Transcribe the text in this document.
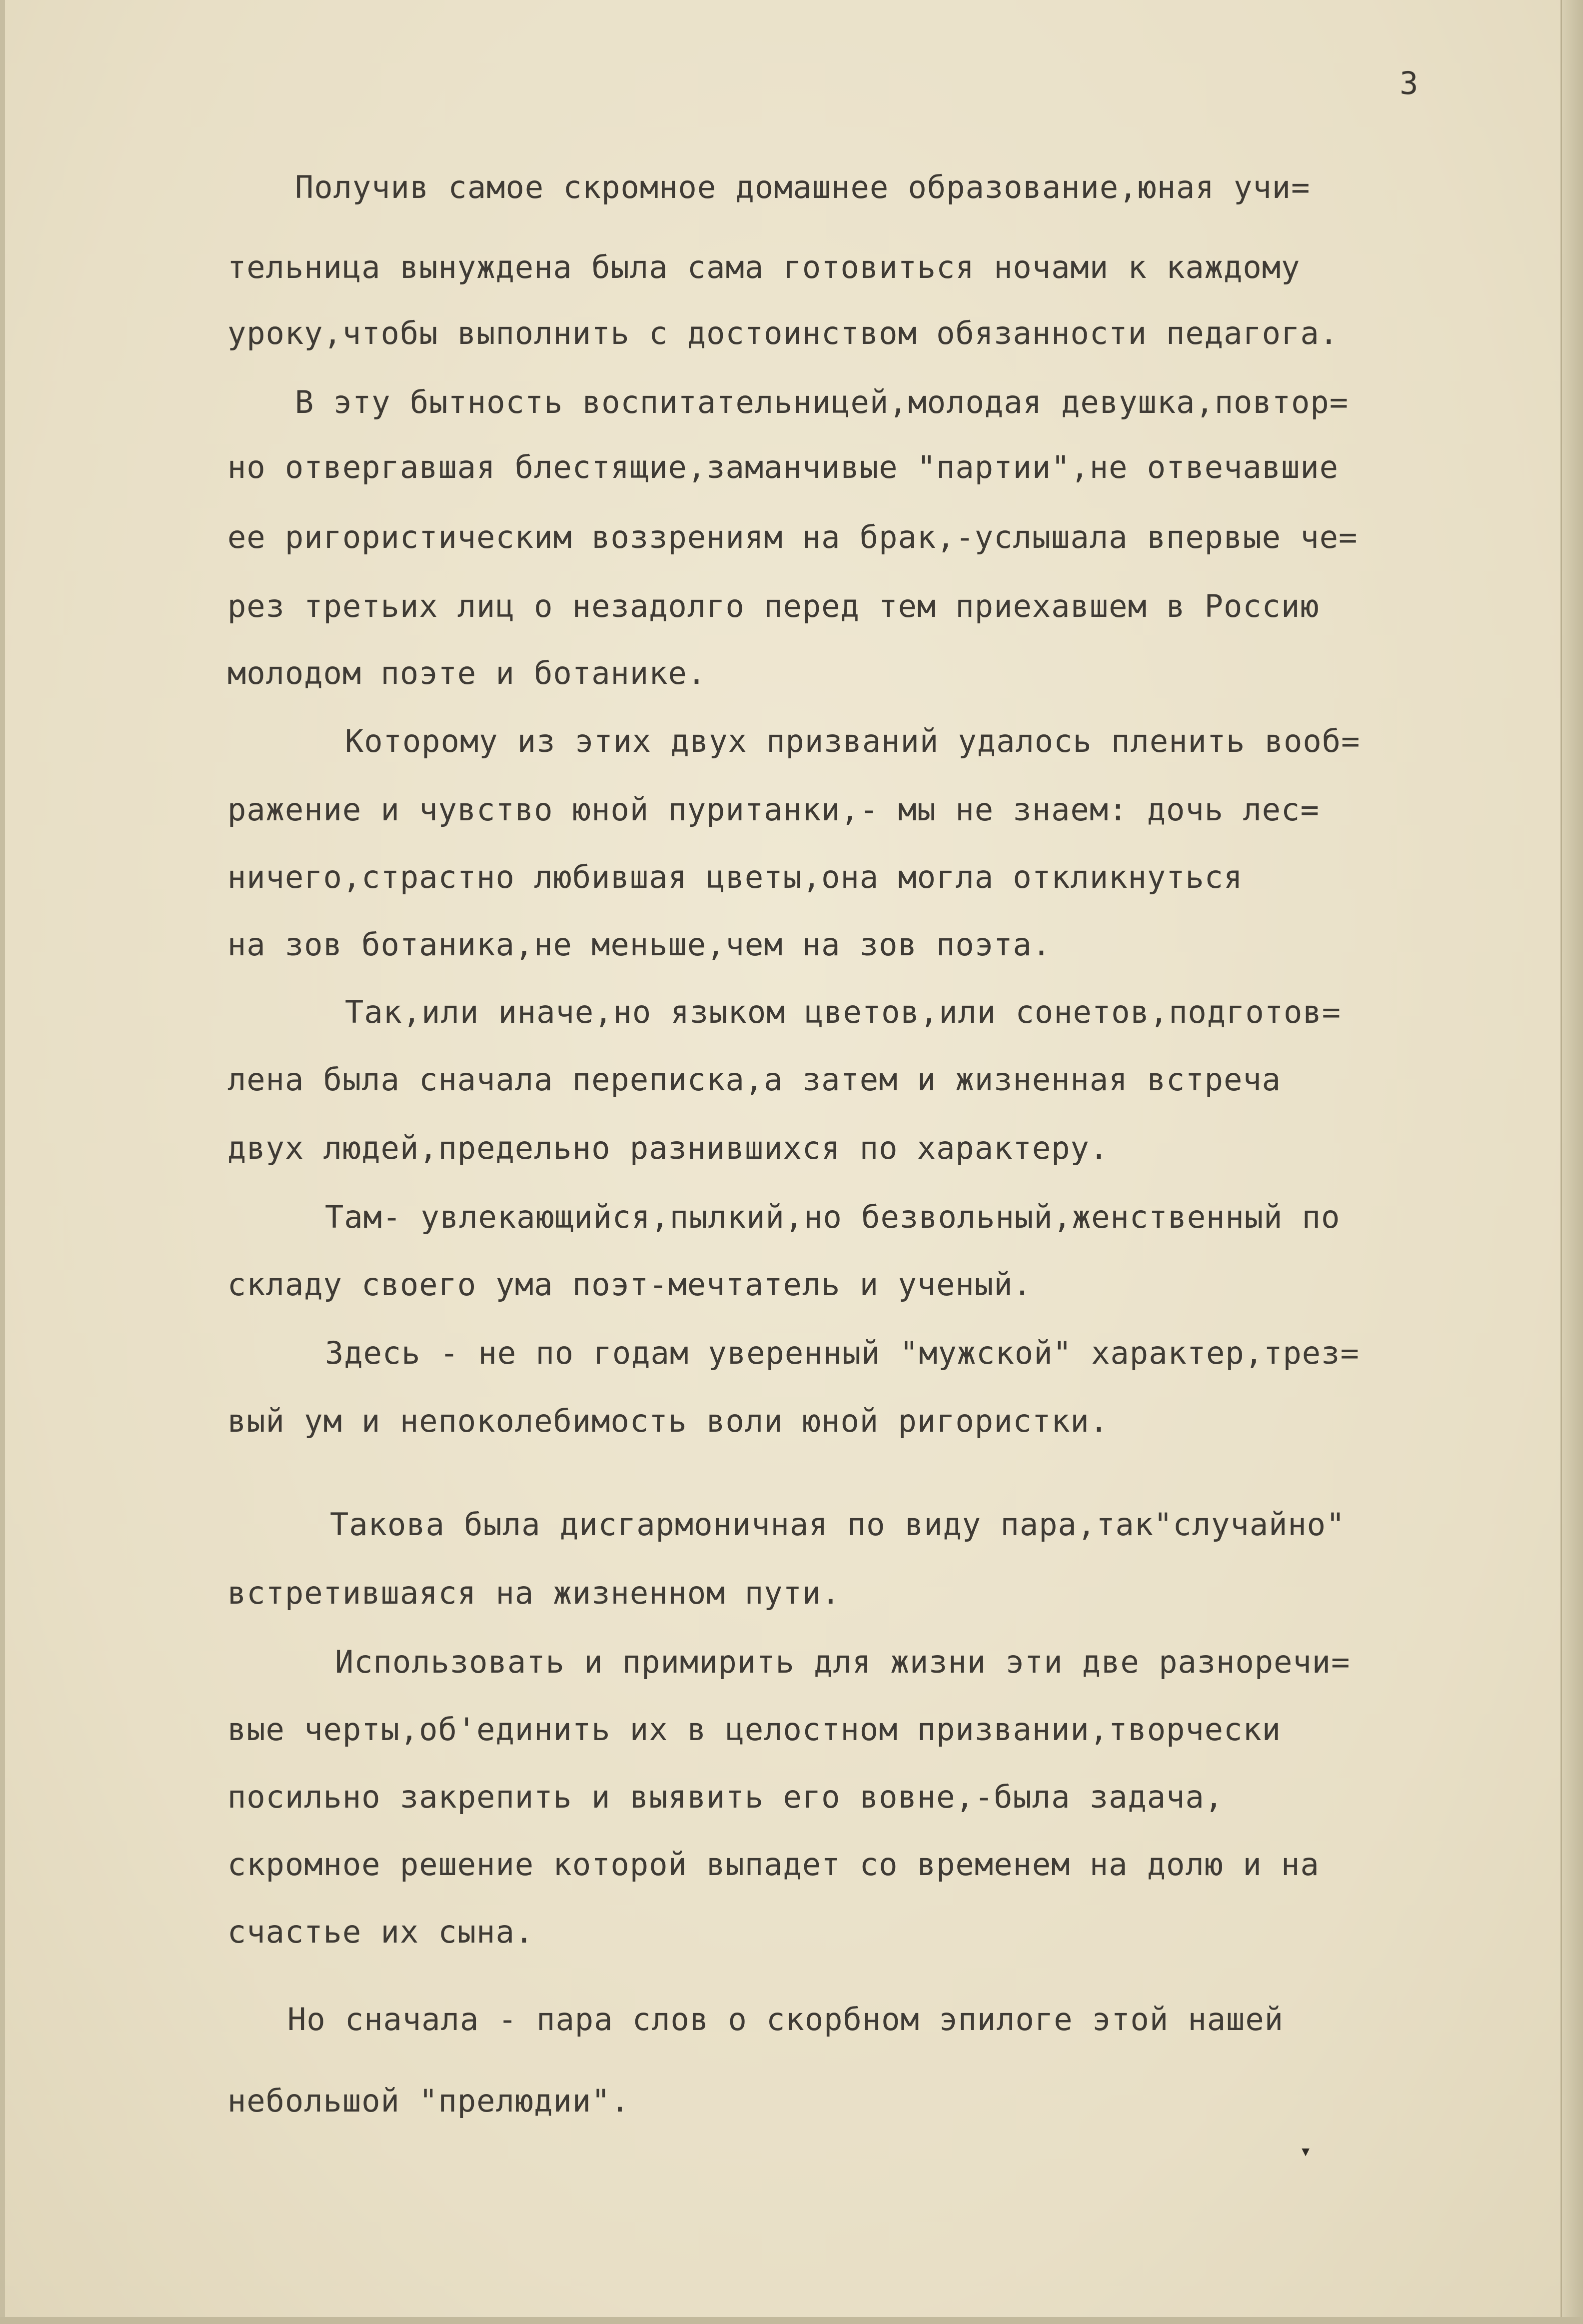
3
Получив самое скромное домашнее образование,юная учи=
тельница вынуждена была сама готовиться ночами к каждому
уроку,чтобы выполнить с достоинством обязанности педагога.
В эту бытность воспитательницей,молодая девушка,повтор=
но отвергавшая блестящие,заманчивые "партии",не отвечавшие
ее ригористическим воззрениям на брак,-услышала впервые че=
рез третьих лиц о незадолго перед тем приехавшем в Россию
молодом поэте и ботанике.
Которому из этих двух призваний удалось пленить вооб=
ражение и чувство юной пуританки,- мы не знаем: дочь лес=
ничего,страстно любившая цветы,она могла откликнуться
на зов ботаника,не меньше,чем на зов поэта.
Так,или иначе,но языком цветов,или сонетов,подготов=
лена была сначала переписка,а затем и жизненная встреча
двух людей,предельно разнившихся по характеру.
Там- увлекающийся,пылкий,но безвольный,женственный по
складу своего ума поэт-мечтатель и ученый.
Здесь - не по годам уверенный "мужской" характер,трез=
вый ум и непоколебимость воли юной ригористки.
Такова была дисгармоничная по виду пара,так"случайно"
встретившаяся на жизненном пути.
Использовать и примирить для жизни эти две разноречи=
вые черты,об'единить их в целостном призвании,творчески
посильно закрепить и выявить его вовне,-была задача,
скромное решение которой выпадет со временем на долю и на
счастье их сына.
Но сначала - пара слов о скорбном эпилоге этой нашей
небольшой "прелюдии".
▾
